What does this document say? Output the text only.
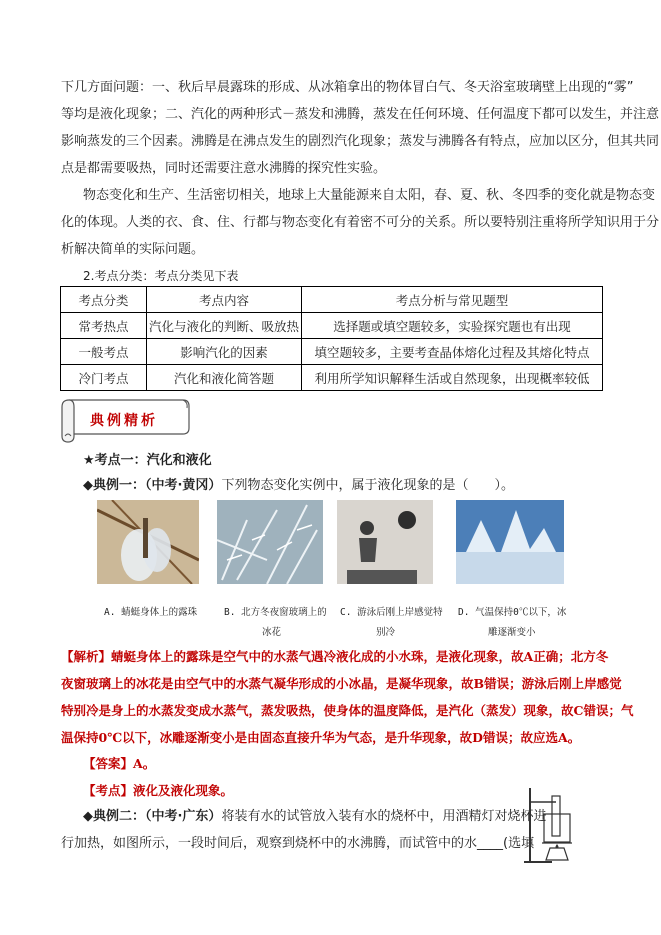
下几方面问题：一、秋后早晨露珠的形成、从冰箱拿出的物体冒白气、冬天浴室玻璃壁上出现的“雾”
等均是液化现象；二、汽化的两种形式－蒸发和沸腾，蒸发在任何环境、任何温度下都可以发生，并注意
影响蒸发的三个因素。沸腾是在沸点发生的剧烈汽化现象；蒸发与沸腾各有特点，应加以区分，但其共同
点是都需要吸热，同时还需要注意水沸腾的探究性实验。
物态变化和生产、生活密切相关，地球上大量能源来自太阳，春、夏、秋、冬四季的变化就是物态变
化的体现。人类的衣、食、住、行都与物态变化有着密不可分的关系。所以要特别注重将所学知识用于分
析解决简单的实际问题。
2.考点分类：考点分类见下表
考点分类	考点内容	考点分析与常见题型
常考热点	汽化与液化的判断、吸放热	选择题或填空题较多，实验探究题也有出现
一般考点	影响汽化的因素	填空题较多，主要考查晶体熔化过程及其熔化特点
冷门考点	汽化和液化简答题	利用所学知识解释生活或自然现象，出现概率较低
典例精析
★考点一：汽化和液化
◆典例一：（中考·黄冈）下列物态变化实例中，属于液化现象的是（　　）。
A. 蜻蜓身体上的露珠	B. 北方冬夜窗玻璃上的
冰花
C. 游泳后刚上岸感觉特
别冷
D. 气温保持0℃以下，冰
雕逐渐变小
【解析】蜻蜓身体上的露珠是空气中的水蒸气遇冷液化成的小水珠，是液化现象，故A正确；北方冬
夜窗玻璃上的冰花是由空气中的水蒸气凝华形成的小冰晶，是凝华现象，故B错误；游泳后刚上岸感觉
特别冷是身上的水蒸发变成水蒸气，蒸发吸热，使身体的温度降低，是汽化（蒸发）现象，故C错误；气
温保持0℃以下，冰雕逐渐变小是由固态直接升华为气态，是升华现象，故D错误；故应选A。
【答案】A。
【考点】液化及液化现象。
◆典例二：（中考·广东）将装有水的试管放入装有水的烧杯中，用酒精灯对烧杯进
行加热，如图所示，一段时间后，观察到烧杯中的水沸腾，而试管中的水____(选填
